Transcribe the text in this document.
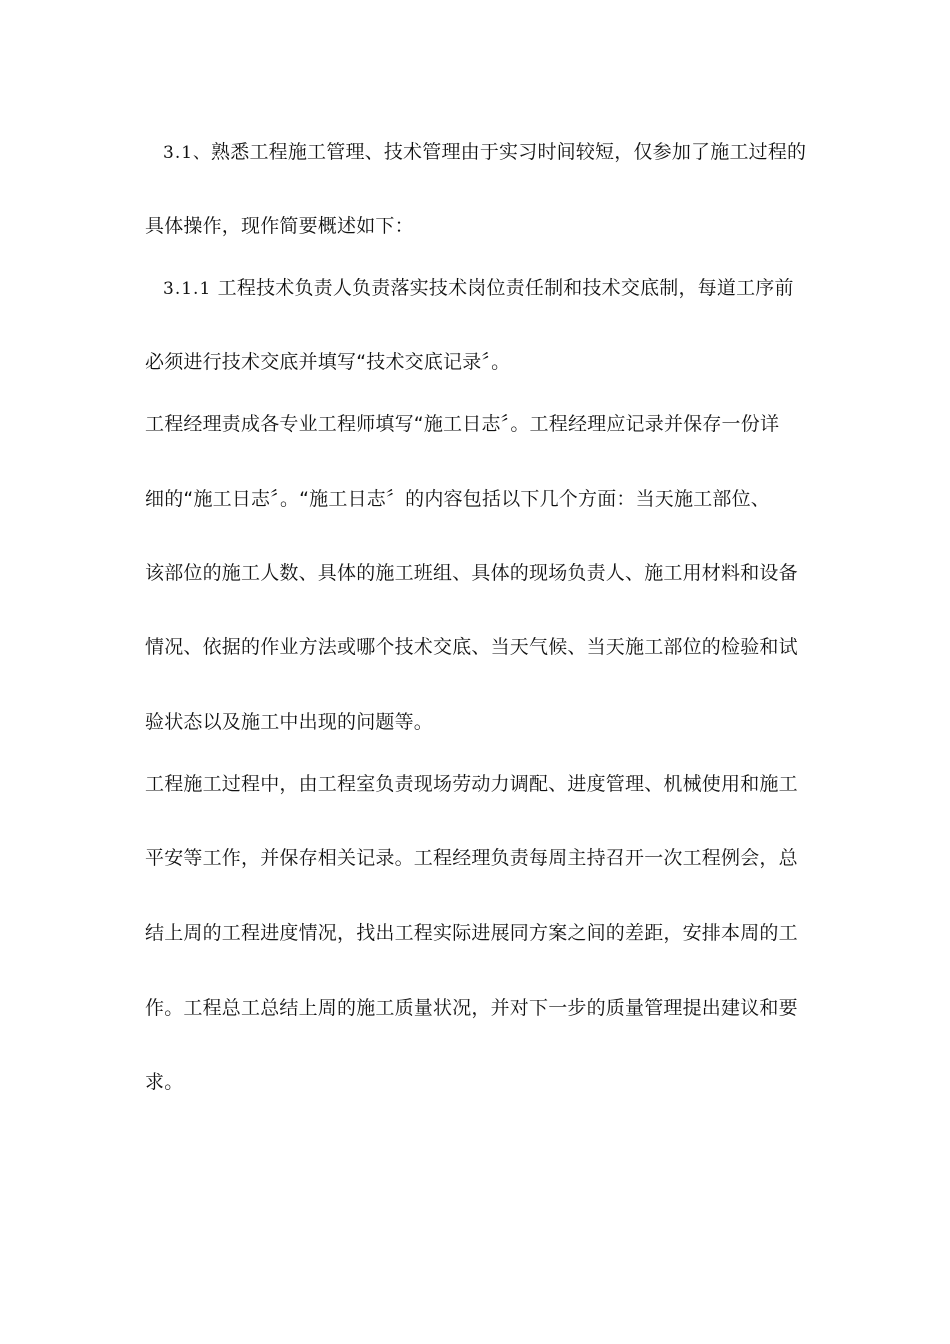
3.1、熟悉工程施工管理、技术管理由于实习时间较短，仅参加了施工过程的
具体操作，现作简要概述如下：
3.1.1 工程技术负责人负责落实技术岗位责任制和技术交底制，每道工序前
必须进行技术交底并填写“技术交底记录〞。
工程经理责成各专业工程师填写“施工日志〞。工程经理应记录并保存一份详
细的“施工日志〞。“施工日志〞的内容包括以下几个方面：当天施工部位、
该部位的施工人数、具体的施工班组、具体的现场负责人、施工用材料和设备
情况、依据的作业方法或哪个技术交底、当天气候、当天施工部位的检验和试
验状态以及施工中出现的问题等。
工程施工过程中，由工程室负责现场劳动力调配、进度管理、机械使用和施工
平安等工作，并保存相关记录。工程经理负责每周主持召开一次工程例会，总
结上周的工程进度情况，找出工程实际进展同方案之间的差距，安排本周的工
作。工程总工总结上周的施工质量状况，并对下一步的质量管理提出建议和要
求。
